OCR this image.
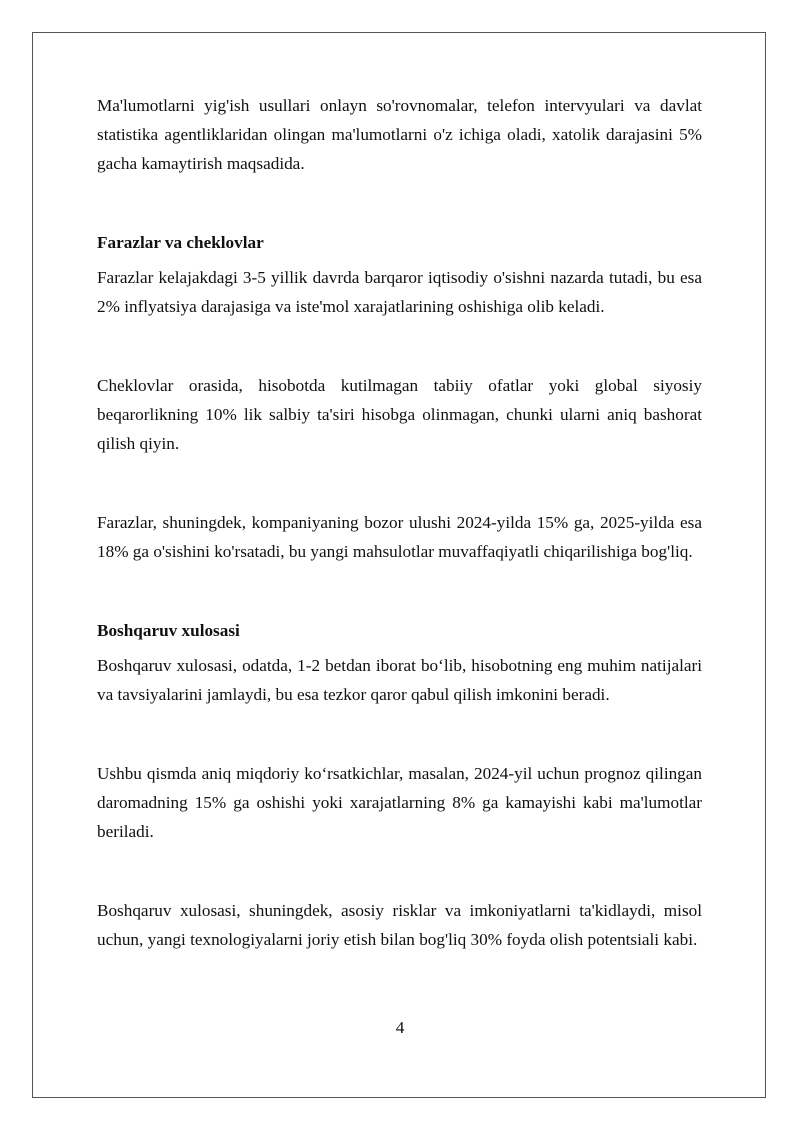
Ma'lumotlarni yig'ish usullari onlayn so'rovnomalar, telefon intervyulari va davlat statistika agentliklaridan olingan ma'lumotlarni o'z ichiga oladi, xatolik darajasini 5% gacha kamaytirish maqsadida.

Farazlar va cheklovlar

Farazlar kelajakdagi 3-5 yillik davrda barqaror iqtisodiy o'sishni nazarda tutadi, bu esa 2% inflyatsiya darajasiga va iste'mol xarajatlarining oshishiga olib keladi.

Cheklovlar orasida, hisobotda kutilmagan tabiiy ofatlar yoki global siyosiy beqarorlikning 10% lik salbiy ta'siri hisobga olinmagan, chunki ularni aniq bashorat qilish qiyin.

Farazlar, shuningdek, kompaniyaning bozor ulushi 2024-yilda 15% ga, 2025-yilda esa 18% ga o'sishini ko'rsatadi, bu yangi mahsulotlar muvaffaqiyatli chiqarilishiga bog'liq.

Boshqaruv xulosasi

Boshqaruv xulosasi, odatda, 1-2 betdan iborat bo‘lib, hisobotning eng muhim natijalari va tavsiyalarini jamlaydi, bu esa tezkor qaror qabul qilish imkonini beradi.

Ushbu qismda aniq miqdoriy ko‘rsatkichlar, masalan, 2024-yil uchun prognoz qilingan daromadning 15% ga oshishi yoki xarajatlarning 8% ga kamayishi kabi ma'lumotlar beriladi.

Boshqaruv xulosasi, shuningdek, asosiy risklar va imkoniyatlarni ta'kidlaydi, misol uchun, yangi texnologiyalarni joriy etish bilan bog'liq 30% foyda olish potentsiali kabi.

4
